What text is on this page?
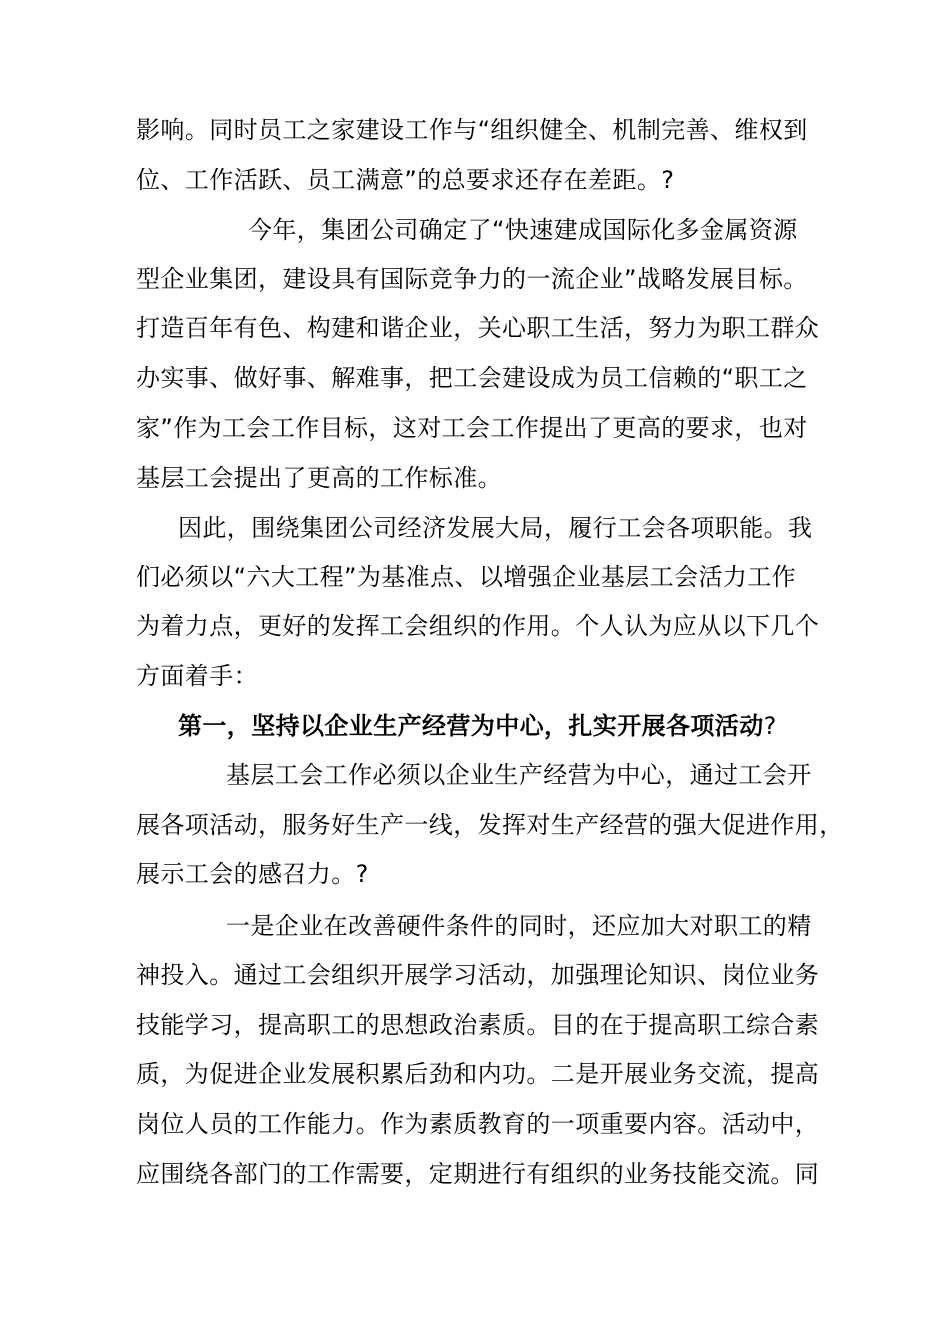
影响。同时员工之家建设工作与“组织健全、机制完善、维权到
位、工作活跃、员工满意”的总要求还存在差距。?
今年，集团公司确定了“快速建成国际化多金属资源
型企业集团，建设具有国际竞争力的一流企业”战略发展目标。
打造百年有色、构建和谐企业，关心职工生活，努力为职工群众
办实事、做好事、解难事，把工会建设成为员工信赖的“职工之
家”作为工会工作目标，这对工会工作提出了更高的要求，也对
基层工会提出了更高的工作标准。
因此，围绕集团公司经济发展大局，履行工会各项职能。我
们必须以“六大工程”为基准点、以增强企业基层工会活力工作
为着力点，更好的发挥工会组织的作用。个人认为应从以下几个
方面着手：
第一，坚持以企业生产经营为中心，扎实开展各项活动?
基层工会工作必须以企业生产经营为中心，通过工会开
展各项活动，服务好生产一线，发挥对生产经营的强大促进作用，
展示工会的感召力。?
一是企业在改善硬件条件的同时，还应加大对职工的精
神投入。通过工会组织开展学习活动，加强理论知识、岗位业务
技能学习，提高职工的思想政治素质。目的在于提高职工综合素
质，为促进企业发展积累后劲和内功。二是开展业务交流，提高
岗位人员的工作能力。作为素质教育的一项重要内容。活动中，
应围绕各部门的工作需要，定期进行有组织的业务技能交流。同
